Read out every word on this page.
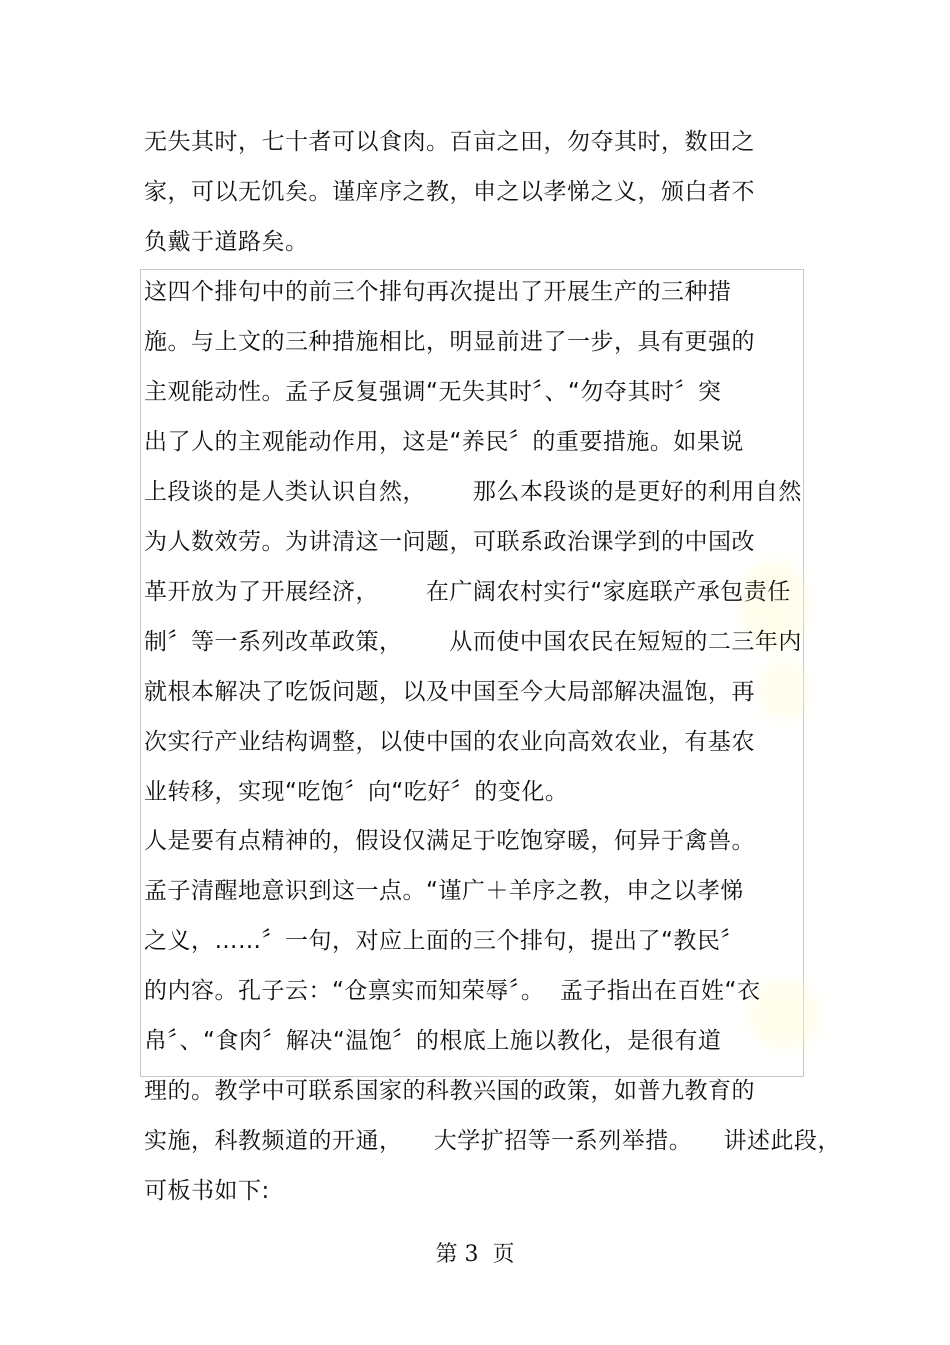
无失其时，七十者可以食肉。百亩之田，勿夺其时，数田之
家，可以无饥矣。谨庠序之教，申之以孝悌之义，颁白者不
负戴于道路矣。
这四个排句中的前三个排句再次提出了开展生产的三种措
施。与上文的三种措施相比，明显前进了一步，具有更强的
主观能动性。孟子反复强调“无失其时〞、“勿夺其时〞突
出了人的主观能动作用，这是“养民〞的重要措施。如果说
上段谈的是人类认识自然，      那么本段谈的是更好的利用自然
为人数效劳。为讲清这一问题，可联系政治课学到的中国改
革开放为了开展经济，      在广阔农村实行“家庭联产承包责任
制〞等一系列改革政策，      从而使中国农民在短短的二三年内
就根本解决了吃饭问题，以及中国至今大局部解决温饱，再
次实行产业结构调整，以使中国的农业向高效农业，有基农
业转移，实现“吃饱〞向“吃好〞的变化。
人是要有点精神的，假设仅满足于吃饱穿暖，何异于禽兽。
孟子清醒地意识到这一点。“谨广＋羊序之教，申之以孝悌
之义，……〞一句，对应上面的三个排句，提出了“教民〞
的内容。孔子云：“仓禀实而知荣辱〞。  孟子指出在百姓“衣
帛〞、“食肉〞解决“温饱〞的根底上施以教化，是很有道
理的。教学中可联系国家的科教兴国的政策，如普九教育的
实施，科教频道的开通，    大学扩招等一系列举措。    讲述此段，
可板书如下:
第 3  页
